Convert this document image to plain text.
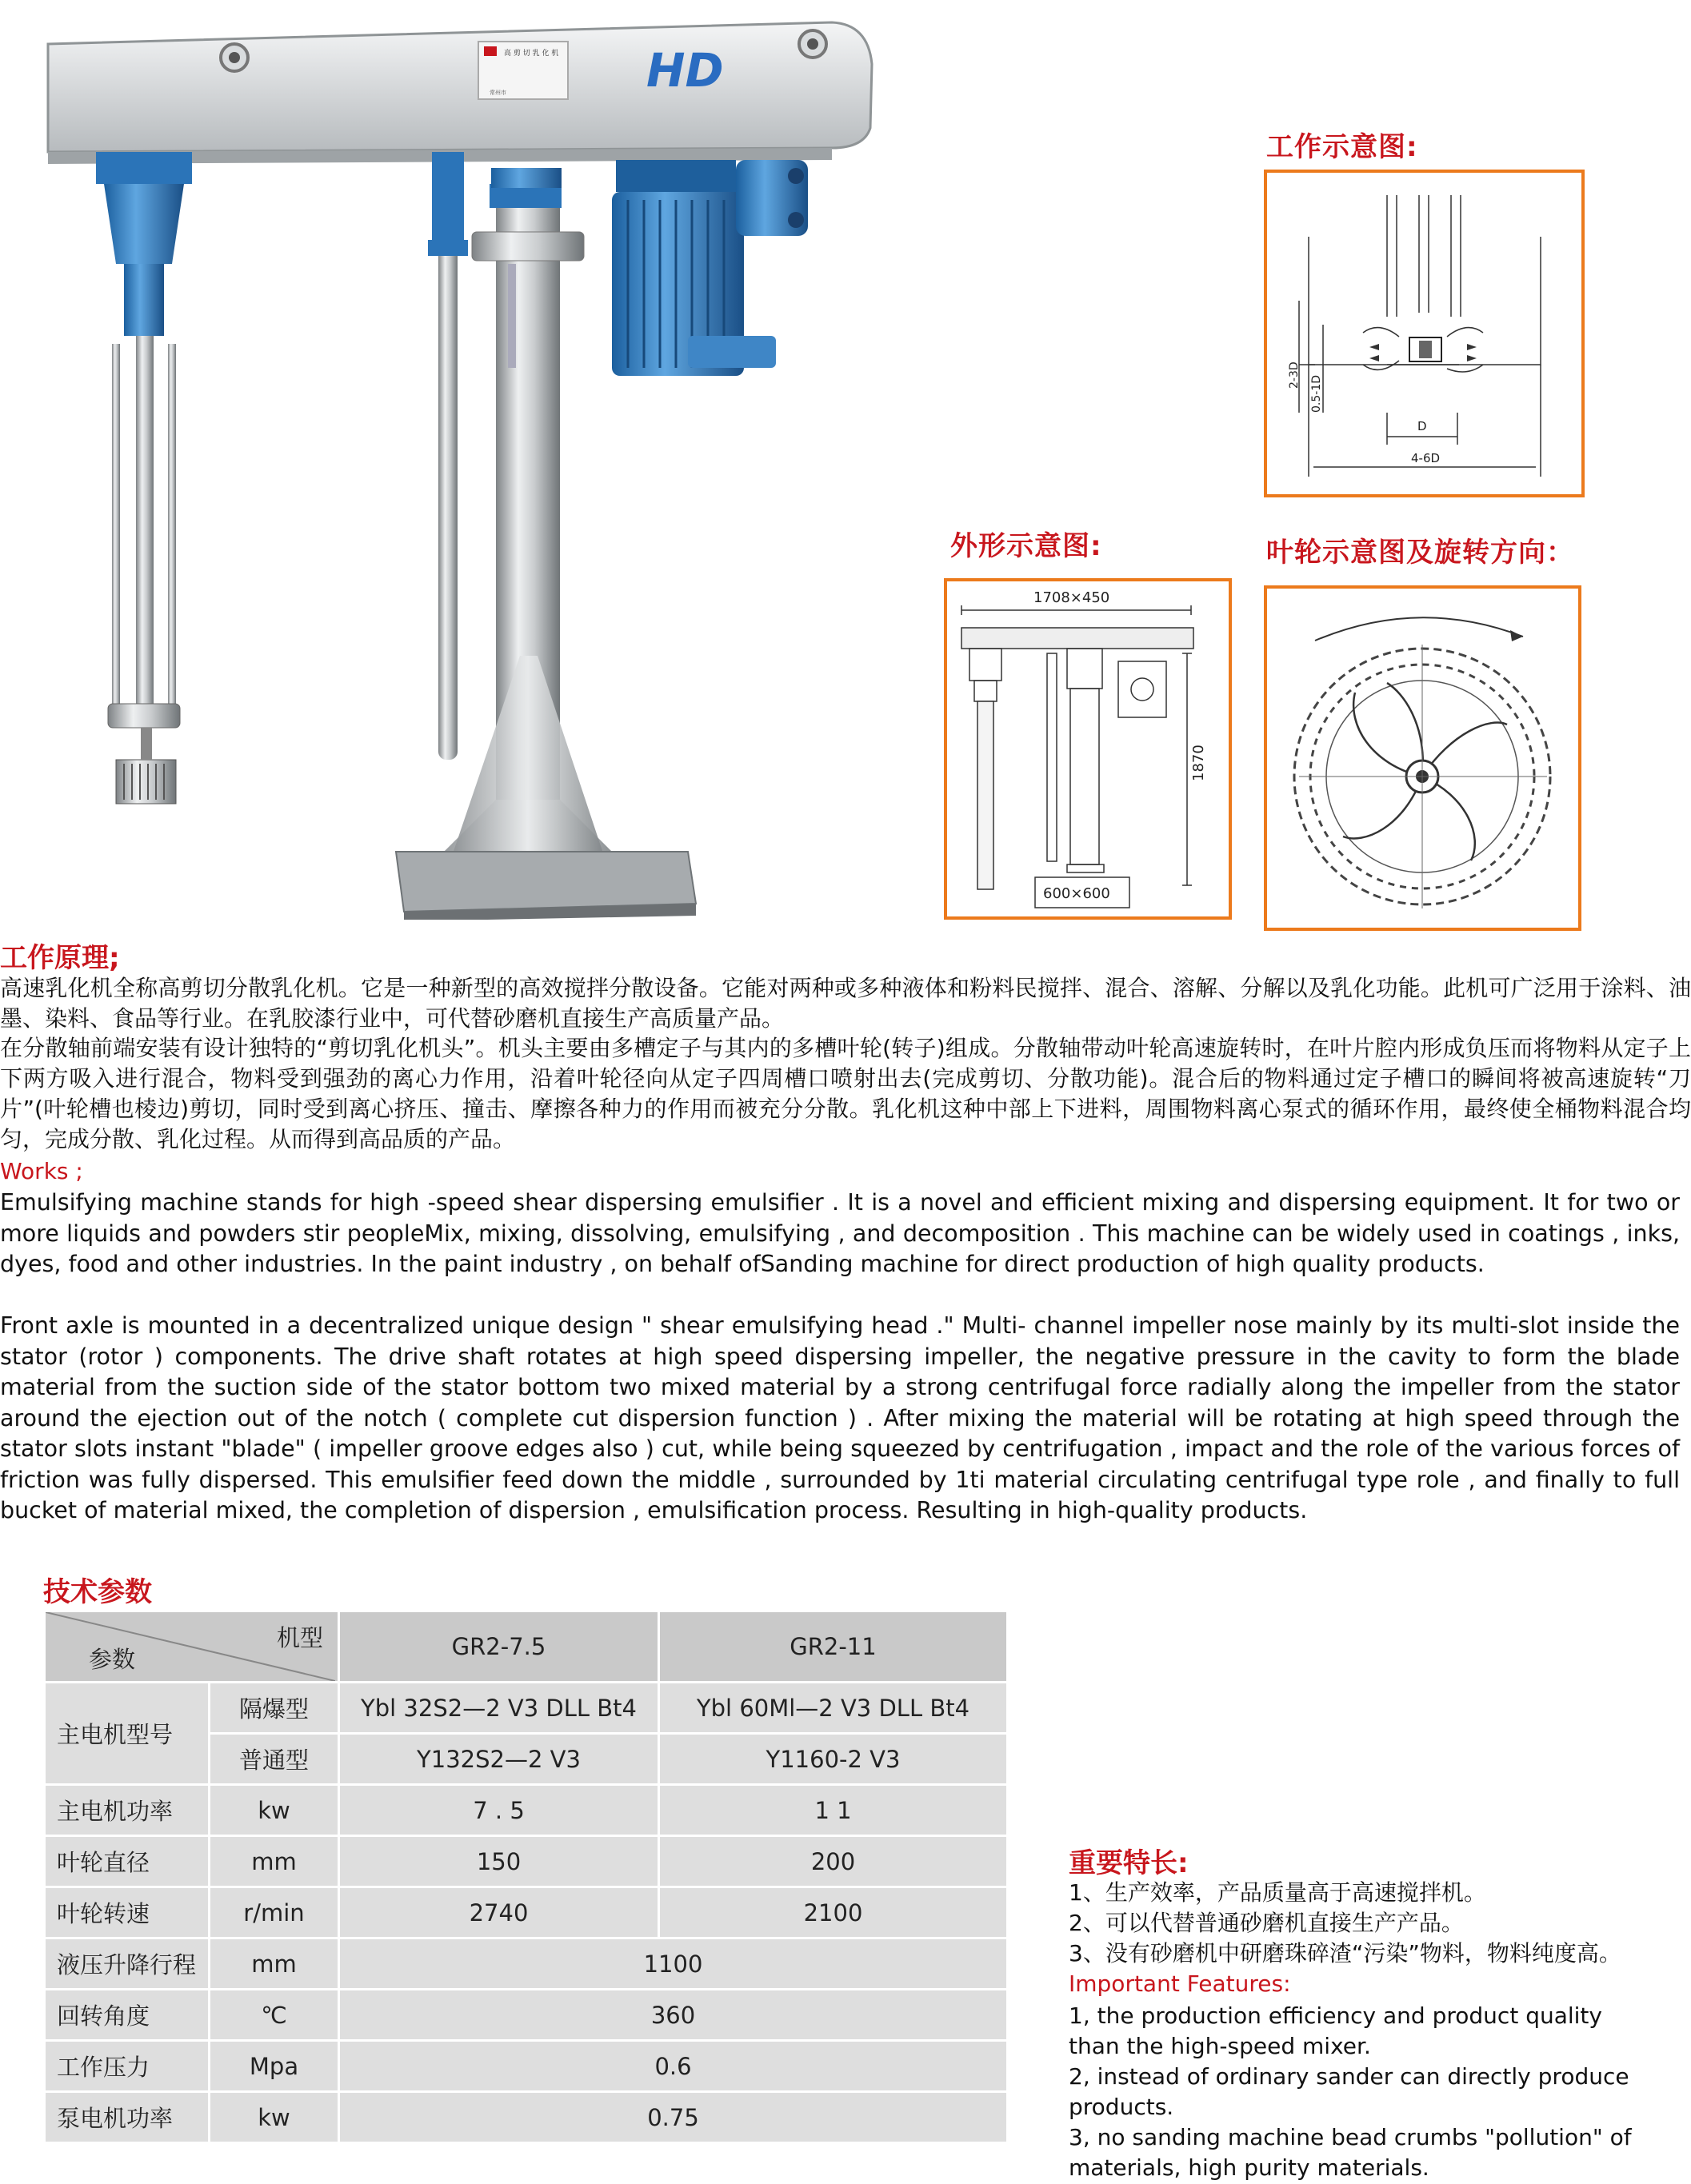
高 剪 切 乳 化 机
常州市	HD
工作示意图:
2-3D 0.5-1D
D
4-6D
外形示意图:
1708×450
1870
600×600
叶轮示意图及旋转方向：
工作原理;

高速乳化机全称高剪切分散乳化机。它是一种新型的高效搅拌分散设备。它能对两种或多种液体和粉料民搅拌、混合、溶解、分解以及乳化功能。此机可广泛用于涂料、油墨、染料、食品等行业。在乳胶漆行业中，可代替砂磨机直接生产高质量产品。

在分散轴前端安装有设计独特的“剪切乳化机头”。机头主要由多槽定子与其内的多槽叶轮(转子)组成。分散轴带动叶轮高速旋转时，在叶片腔内形成负压而将物料从定子上下两方吸入进行混合，物料受到强劲的离心力作用，沿着叶轮径向从定子四周槽口喷射出去(完成剪切、分散功能)。混合后的物料通过定子槽口的瞬间将被高速旋转“刀片”(叶轮槽也棱边)剪切，同时受到离心挤压、撞击、摩擦各种力的作用而被充分分散。乳化机这种中部上下进料，周围物料离心泵式的循环作用，最终使全桶物料混合均匀，完成分散、乳化过程。从而得到高品质的产品。

Works ;

Emulsifying machine stands for high -speed shear dispersing emulsifier . It is a novel and efficient mixing and dispersing equipment. It for two or more liquids and powders stir peopleMix, mixing, dissolving, emulsifying , and decomposition . This machine can be widely used in coatings , inks, dyes, food and other industries. In the paint industry , on behalf ofSanding machine for direct production of high quality products.

Front axle is mounted in a decentralized unique design " shear emulsifying head ." Multi- channel impeller nose mainly by its multi-slot inside the stator (rotor ) components. The drive shaft rotates at high speed dispersing impeller, the negative pressure in the cavity to form the blade material from the suction side of the stator bottom two mixed material by a strong centrifugal force radially along the impeller from the stator around the ejection out of the notch ( complete cut dispersion function ) . After mixing the material will be rotating at high speed through the stator slots instant "blade" ( impeller groove edges also ) cut, while being squeezed by centrifugation , impact and the role of the various forces of friction was fully dispersed. This emulsifier feed down the middle , surrounded by 1ti material circulating centrifugal type role , and finally to full bucket of material mixed, the completion of dispersion , emulsification process. Resulting in high-quality products.

技术参数
机型
参数		GR2-7.5	GR2-11
主电机型号	隔爆型	Ybl 32S2—2 V3 DLL Bt4	Ybl 60Ml—2 V3 DLL Bt4
	普通型	Y132S2—2 V3	Y1160-2 V3
主电机功率	kw	7 . 5	1 1
叶轮直径	mm	150	200
叶轮转速	r/min	2740	2100
液压升降行程	mm	1100	
回转角度	℃	360	
工作压力	Mpa	0.6	
泵电机功率	kw	0.75	
重要特长:

1、生产效率，产品质量高于高速搅拌机。

2、可以代替普通砂磨机直接生产产品。

3、没有砂磨机中研磨珠碎渣“污染”物料，物料纯度高。

Important Features:

1, the production efficiency and product quality than the high-speed mixer.

2, instead of ordinary sander can directly produce products.

3, no sanding machine bead crumbs "pollution" of materials, high purity materials.
